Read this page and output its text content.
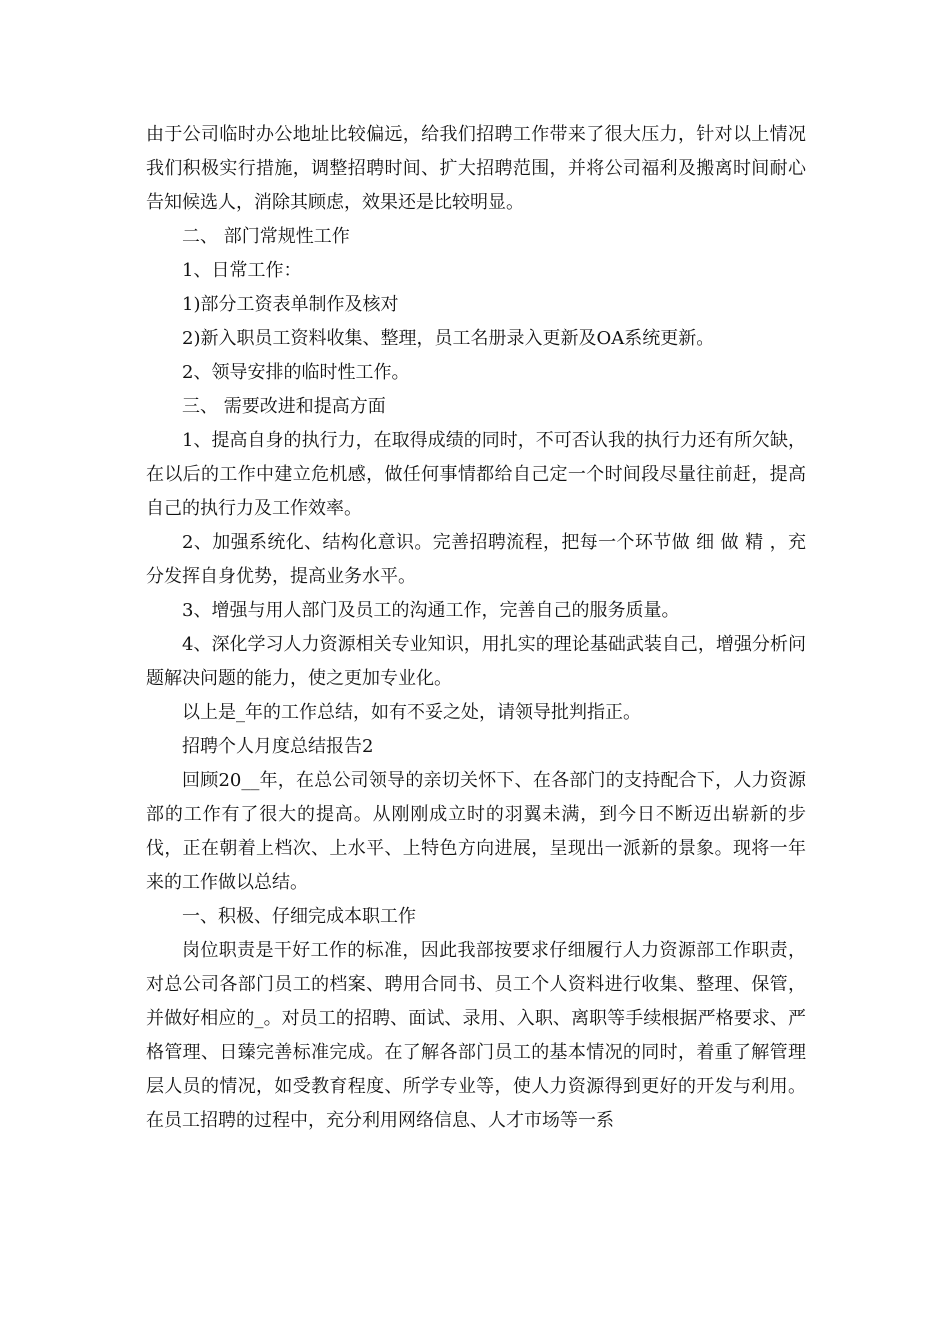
由于公司临时办公地址比较偏远，给我们招聘工作带来了很大压力，针对以上情况我们积极实行措施，调整招聘时间、扩大招聘范围，并将公司福利及搬离时间耐心告知候选人，消除其顾虑，效果还是比较明显。

二、 部门常规性工作

1、日常工作：

1)部分工资表单制作及核对

2)新入职员工资料收集、整理，员工名册录入更新及OA系统更新。

2、领导安排的临时性工作。

三、 需要改进和提高方面

1、提高自身的执行力，在取得成绩的同时，不可否认我的执行力还有所欠缺，在以后的工作中建立危机感，做任何事情都给自己定一个时间段尽量往前赶，提高自己的执行力及工作效率。

2、加强系统化、结构化意识。完善招聘流程，把每一个环节做 细 做 精 ，充分发挥自身优势，提高业务水平。

3、增强与用人部门及员工的沟通工作，完善自己的服务质量。

4、深化学习人力资源相关专业知识，用扎实的理论基础武装自己，增强分析问题解决问题的能力，使之更加专业化。

以上是_年的工作总结，如有不妥之处，请领导批判指正。

招聘个人月度总结报告2

回顾20__年，在总公司领导的亲切关怀下、在各部门的支持配合下，人力资源部的工作有了很大的提高。从刚刚成立时的羽翼未满，到今日不断迈出崭新的步伐，正在朝着上档次、上水平、上特色方向进展，呈现出一派新的景象。现将一年来的工作做以总结。

一、积极、仔细完成本职工作

岗位职责是干好工作的标准，因此我部按要求仔细履行人力资源部工作职责，对总公司各部门员工的档案、聘用合同书、员工个人资料进行收集、整理、保管，并做好相应的_。对员工的招聘、面试、录用、入职、离职等手续根据严格要求、严格管理、日臻完善标准完成。在了解各部门员工的基本情况的同时，着重了解管理层人员的情况，如受教育程度、所学专业等，使人力资源得到更好的开发与利用。在员工招聘的过程中，充分利用网络信息、人才市场等一系
